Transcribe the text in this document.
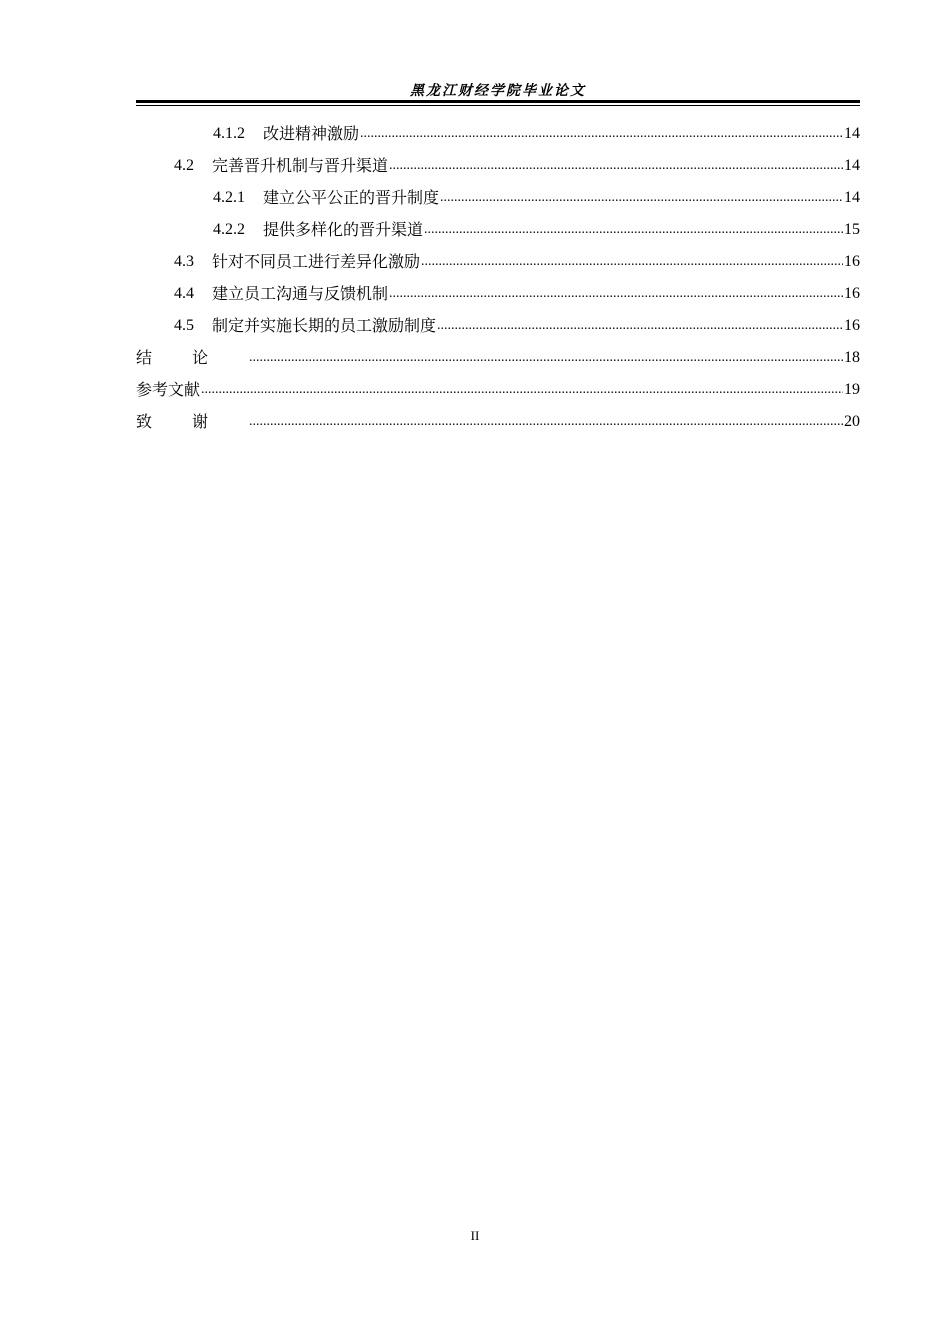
黑龙江财经学院毕业论文
4.1.2 改进精神激励 .....	14
4.2 完善晋升机制与晋升渠道 .....	14
4.2.1 建立公平公正的晋升制度 .....	14
4.2.2 提供多样化的晋升渠道 .....	15
4.3 针对不同员工进行差异化激励 .....	16
4.4 建立员工沟通与反馈机制 .....	16
4.5 制定并实施长期的员工激励制度 .....	16
结论 .....	18
参考文献 .....	19
致谢 .....	20
II
